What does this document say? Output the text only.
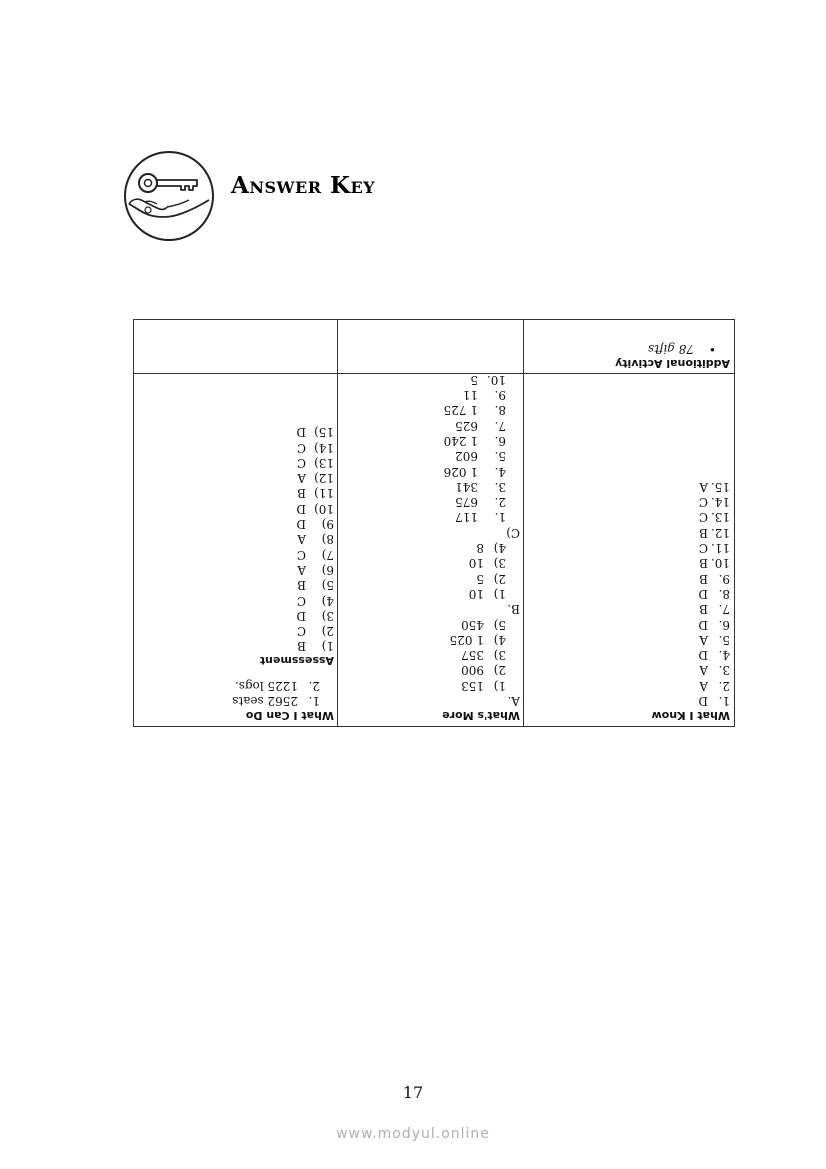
Answer Key
What I Know
1.D
2.A
3.A
4.D
5.A
6.D
7.B
8.D
9.B
10.B
11.C
12.B
13.C
14.C
15.A
Additional Activity
•78 gifts
What's More
A.
1)153
2)900
3)357
4)1 025
5)450
B.
1)10
2)5
3)10
4)8
C)
1.117
2.675
3.341
4.1 026
5.602
6.1 240
7.625
8.1 725
9.11
10.5
What I Can Do
1.2562 seats
2.1225 logs.
Assessment
1)B
2)C
3)D
4)C
5)B
6)A
7)C
8)A
9)D
10)D
11)B
12)A
13)C
14)C
15)D
17
www.modyul.online
